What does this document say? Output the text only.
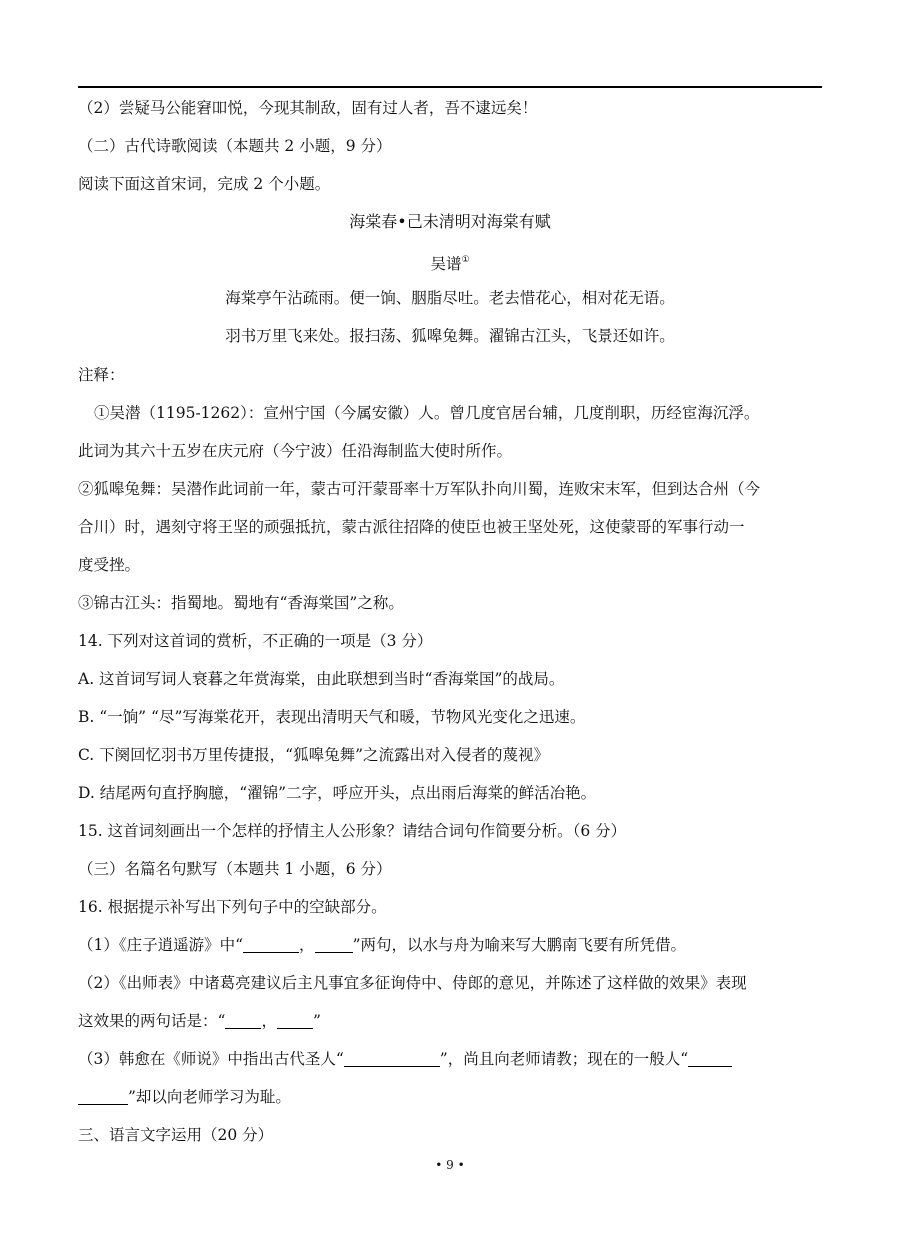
（2）尝疑马公能窘吅悦，今现其制敌，固有过人者，吾不逮远矣！
（二）古代诗歌阅读（本题共 2 小题，9 分）
阅读下面这首宋词，完成 2 个小题。
海棠春•己未清明对海棠有赋
吴谱①
海棠亭午沾疏雨。便一饷、胭脂尽吐。老去惜花心，相对花无语。
羽书万里飞来处。报扫荡、狐嗥兔舞。濯锦古江头，飞景还如许。
注释：
①吴潜（1195-1262）：宣州宁国（今属安徽）人。曾几度官居台辅，几度削职，历经宦海沉浮。
此词为其六十五岁在庆元府（今宁波）任沿海制监大使时所作。
②狐嗥兔舞：吴潜作此词前一年，蒙古可汗蒙哥率十万军队扑向川蜀，连败宋末军，但到达合州（今
合川）时，遇刻守将王坚的顽强抵抗，蒙古派往招降的使臣也被王坚处死，这使蒙哥的军事行动一
度受挫。
③锦古江头：指蜀地。蜀地有“香海棠国”之称。
14. 下列对这首词的赏析，不正确的一项是（3 分）
A. 这首词写词人衰暮之年赏海棠，由此联想到当时“香海棠国”的战局。
B. “一饷” “尽”写海棠花开，表现出清明天气和暖，节物风光变化之迅速。
C. 下阕回忆羽书万里传捷报，“狐嗥兔舞”之流露出对入侵者的蔑视》
D. 结尾两句直抒胸臆，“濯锦”二字，呼应开头，点出雨后海棠的鲜活冶艳。
15. 这首词刻画出一个怎样的抒情主人公形象？请结合词句作简要分析。（6 分）
（三）名篇名句默写（本题共 1 小题，6 分）
16. 根据提示补写出下列句子中的空缺部分。
（1）《庄子逍遥游》中“	， ”两句，以水与舟为喻来写大鹏南飞要有所凭借。
（2）《出师表》中诸葛亮建议后主凡事宜多征询侍中、侍郎的意见，并陈述了这样做的效果》表现
这效果的两句话是：“ ， ”
（3）韩愈在《师说》中指出古代圣人“	”，尚且向老师请教；现在的一般人“
”却以向老师学习为耻。
三、语言文字运用（20 分）
• 9 •
